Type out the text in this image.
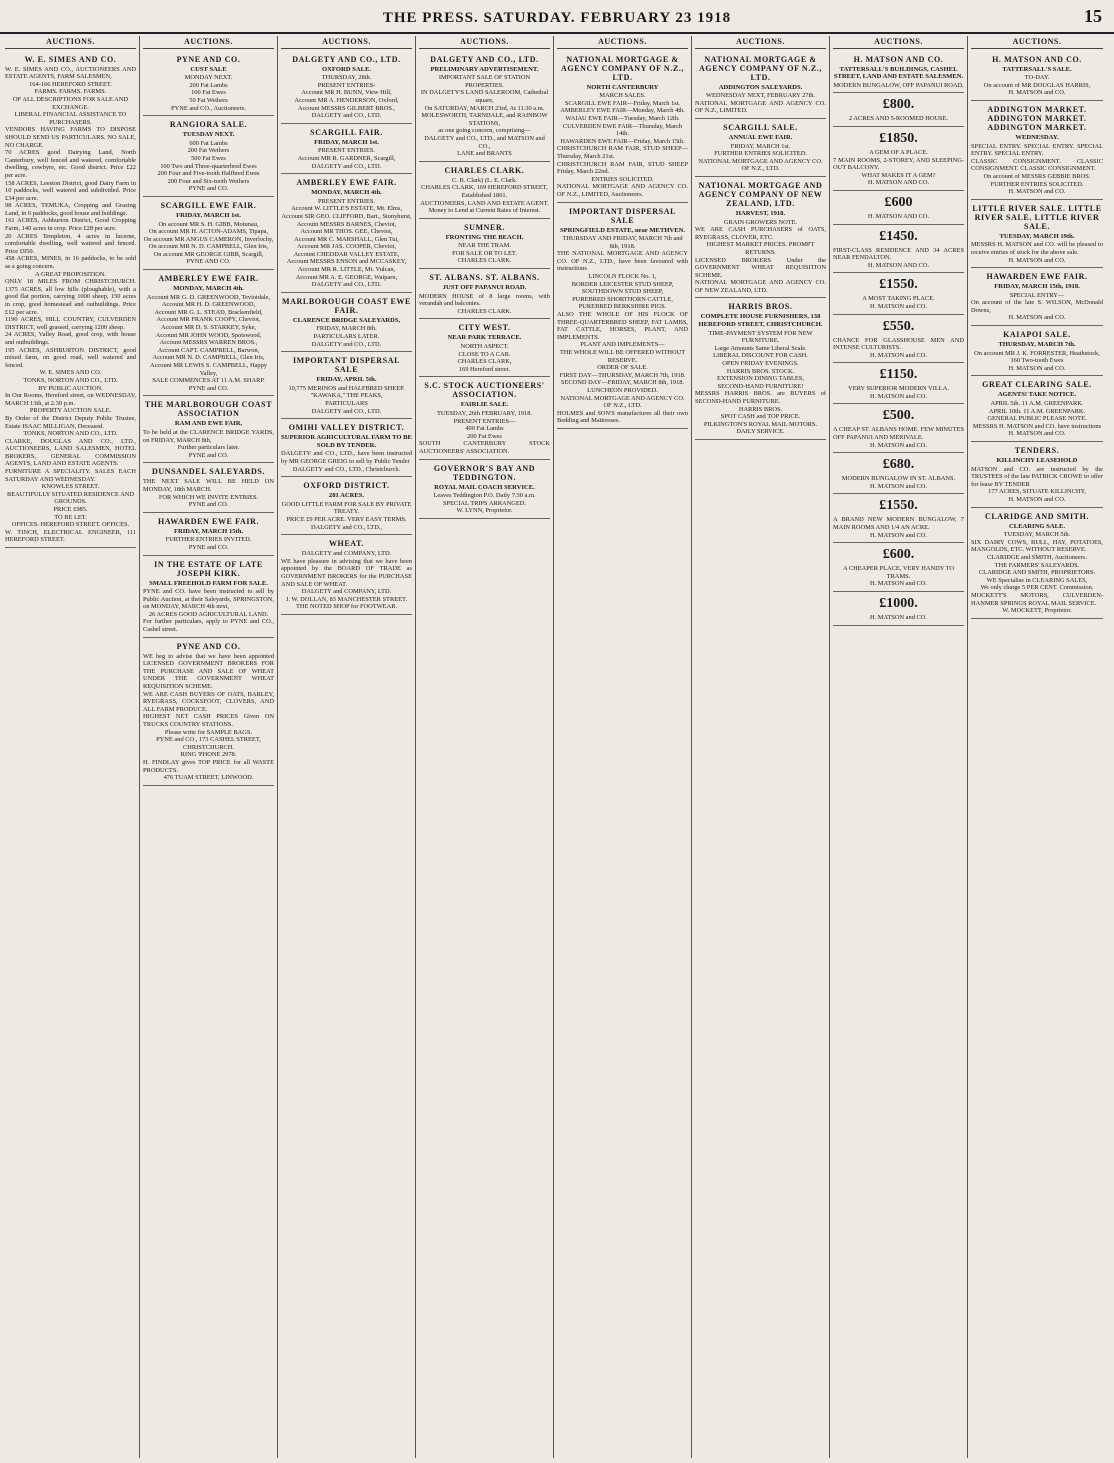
THE PRESS. SATURDAY. FEBRUARY 23 1918	15
AUCTIONS.
W. E. SIMES AND CO.

W. E. SIMES AND CO., AUCTIONEERS AND ESTATE AGENTS, FARM SALESMEN,

164-166 HEREFORD STREET.

FARMS. FARMS. FARMS.

OF ALL DESCRIPTIONS FOR SALE AND EXCHANGE.

LIBERAL FINANCIAL ASSISTANCE TO PURCHASERS.

VENDORS HAVING FARMS TO DISPOSE SHOULD SEND US PARTICULARS. NO SALE, NO CHARGE.

70 ACRES good Dairying Land, North Canterbury, well fenced and watered, comfortable dwelling, cowbyre, etc. Good district. Price £22 per acre.

158 ACRES, Leeston District, good Dairy Farm in 10 paddocks, well watered and subdivided. Price £34 per acre.

98 ACRES, TEMUKA, Cropping and Grazing Land, in 6 paddocks, good house and buildings.

161 ACRES, Ashburton District, Good Cropping Farm, 140 acres in crop. Price £28 per acre.

20 ACRES Templeton, 4 acres in lucerne, comfortable dwelling, well watered and fenced. Price £950.

458 ACRES, MINES, in 16 paddocks, to be sold as a going concern.

A GREAT PROPOSITION.

ONLY 18 MILES FROM CHRISTCHURCH. 1375 ACRES, all low hills (ploughable), with a good flat portion, carrying 1000 sheep, 150 acres in crop, good homestead and outbuildings. Price £12 per acre.

1190 ACRES, HILL COUNTRY, CULVERDEN DISTRICT, well grassed, carrying 1200 sheep.

24 ACRES, Valley Road, good crop, with house and outbuildings.

195 ACRES, ASHBURTON DISTRICT, good mixed farm, on good road, well watered and fenced.

W. E. SIMES AND CO.

TONKS, NORTON AND CO., LTD.

BY PUBLIC AUCTION.

In Our Rooms, Hereford street, on WEDNESDAY, MARCH 13th, at 2.30 p.m.

PROPERTY AUCTION SALE.

By Order of the District Deputy Public Trustee, Estate ISAAC MILLIGAN, Deceased.

TONKS, NORTON AND CO., LTD.

CLARKE, DOUGLAS AND CO., LTD., AUCTIONEERS, LAND SALESMEN, HOTEL BROKERS, GENERAL COMMISSION AGENTS, LAND AND ESTATE AGENTS.

FURNITURE A SPECIALITY. SALES EACH SATURDAY AND WEDNESDAY.

KNOWLES STREET.

BEAUTIFULLY SITUATED RESIDENCE AND GROUNDS.

PRICE £985.

TO BE LET.

OFFICES. HEREFORD STREET. OFFICES.

W. TINCH, ELECTRICAL ENGINEER, 111 HEREFORD STREET.

AUCTIONS.
PYNE AND CO.
CUST SALE

MONDAY NEXT.

200 Fat Lambs

100 Fat Ewes

50 Fat Wethers

PYNE and CO., Auctioneers.

RANGIORA SALE.
TUESDAY NEXT.

600 Fat Lambs

200 Fat Wethers

500 Fat Ewes

100 Two and Three-quarterbred Ewes

200 Four and Five-tooth Halfbred Ewes

200 Four and Six-tooth Wethers

PYNE and CO.

SCARGILL EWE FAIR.
FRIDAY, MARCH 1st.

On account MR S. H. GIBB, Motunau,

On account MR H. ACTON-ADAMS, Tipapa,

On account MR ANGUS CAMERON, Inverlochy,

On account MR N. D. CAMPBELL, Glen Iris,

On account MR GEORGE GIBB, Scargill,

PYNE AND CO.

AMBERLEY EWE FAIR.
MONDAY, MARCH 4th.

Account MR G. D. GREENWOOD, Teviotdale,

Account MR H. D. GREENWOOD,

Account MR G. L. STEAD, Brackenfield,

Account MR FRANK COOPY, Cheviot,

Account MR D. S. STARKEY, Syke,

Account MR JOHN WOOD, Spotswood,

Account MESSRS WARREN BROS.,

Account CAPT. CAMPBELL, Barwon,

Account MR N. D. CAMPBELL, Glen Iris,

Account MR LEWIS S. CAMPBELL, Happy Valley,

SALE COMMENCES AT 11 A.M. SHARP.

PYNE and CO.

THE MARLBOROUGH COAST ASSOCIATION
RAM AND EWE FAIR,

To be held at the CLARENCE BRIDGE YARDS, on FRIDAY, MARCH 8th,

Further particulars later.

PYNE and CO.

DUNSANDEL SALEYARDS.

THE NEXT SALE WILL BE HELD ON MONDAY, 18th MARCH.

FOR WHICH WE INVITE ENTRIES.

PYNE and CO.

HAWARDEN EWE FAIR.
FRIDAY, MARCH 15th.

FURTHER ENTRIES INVITED.

PYNE and CO.

IN THE ESTATE OF LATE JOSEPH KIRK.
SMALL FREEHOLD FARM FOR SALE.

PYNE and CO. have been instructed to sell by Public Auction, at their Saleyards, SPRINGSTON, on MONDAY, MARCH 4th next,

26 ACRES GOOD AGRICULTURAL LAND.

For further particulars, apply to PYNE and CO., Cashel street.

PYNE AND CO.

WE beg to advise that we have been appointed LICENSED GOVERNMENT BROKERS FOR THE PURCHASE AND SALE OF WHEAT UNDER THE GOVERNMENT WHEAT REQUISITION SCHEME.

WE ARE CASH BUYERS OF OATS, BARLEY, RYEGRASS, COCKSFOOT, CLOVERS, AND ALL FARM PRODUCE.

HIGHEST NET CASH PRICES Given ON TRUCKS COUNTRY STATIONS.

Please write for SAMPLE BAGS.

PYNE and CO., 173 CASHEL STREET, CHRISTCHURCH.

RING 'PHONE 2978.

H. FINDLAY gives TOP PRICE for all WASTE PRODUCTS.

476 TUAM STREET, LINWOOD.

AUCTIONS.
DALGETY AND CO., LTD.
OXFORD SALE.

THURSDAY, 28th.

PRESENT ENTRIES-

Account MR H. BUNN, View Hill,

Account MR A. HENDERSON, Oxford,

Account MESSRS GILBERT BROS.,

DALGETY and CO., LTD.

SCARGILL FAIR.
FRIDAY, MARCH 1st.

PRESENT ENTRIES.

Account MR R. GARDNER, Scargill,

DALGETY and CO., LTD.

AMBERLEY EWE FAIR.
MONDAY, MARCH 4th.

PRESENT ENTRIES.

Account W. LITTLE'S ESTATE, Mt. Elms,

Account SIR GEO. CLIFFORD, Bart., Stonyhurst,

Account MESSRS BARNES, Cheviot,

Account MR THOS. GEE, Cheviot,

Account MR C. MARSHALL, Glen Tui,

Account MR JAS. COOPER, Cheviot,

Account CHEDDAR VALLEY ESTATE,

Account MESSRS ENSON and MCCASKEY,

Account MR R. LITTLE, Mt. Vulcan,

Account MR A. E. GEORGE, Waiparu,

DALGETY and CO., LTD.

MARLBOROUGH COAST EWE FAIR.
CLARENCE BRIDGE SALEYARDS,

FRIDAY, MARCH 8th.

PARTICULARS LATER.

DALGETY and CO., LTD.

IMPORTANT DISPERSAL SALE
FRIDAY, APRIL 5th.

10,775 MERINOS and HALFBRED SHEEP.

"KAWAKA," THE PEAKS,

PARTICULARS

DALGETY and CO., LTD.

OMIHI VALLEY DISTRICT.
SUPERIOR AGRICULTURAL FARM TO BE SOLD BY TENDER.

DALGETY and CO., LTD., have been instructed by MR GEORGE GREIG to sell by Public Tender

DALGETY and CO., LTD., Christchurch.

OXFORD DISTRICT.
281 ACRES.

GOOD LITTLE FARM FOR SALE BY PRIVATE TREATY.

PRICE £9 PER ACRE. VERY EASY TERMS.

DALGETY and CO., LTD.,

WHEAT.

DALGETY and COMPANY, LTD.

WE have pleasure in advising that we have been appointed by the BOARD OF TRADE as GOVERNMENT BROKERS for the PURCHASE AND SALE OF WHEAT.

DALGETY and COMPANY, LTD.

J. W. DOLLAN, 83 MANCHESTER STREET.

THE NOTED SHOP for FOOTWEAR.

AUCTIONS.
DALGETY AND CO., LTD.
PRELIMINARY ADVERTISEMENT.

IMPORTANT SALE OF STATION PROPERTIES.

IN DALGETY'S LAND SALEROOM, Cathedral square,

On SATURDAY, MARCH 23rd, At 11.30 a.m.

MOLESWORTH, TARNDALE, and RAINBOW STATIONS,

as one going concern, comprising—

DALGETY and CO., LTD., and MATSON and CO.,

LANE and BRANTS

CHARLES CLARK.

C. B. Clark) (L. E. Clark.

CHARLES CLARK, 169 HEREFORD STREET,

Established 1861.

AUCTIONEERS, LAND AND ESTATE AGENT.

Money to Lend at Current Rates of Interest.

SUMNER.
FRONTING THE BEACH.

NEAR THE TRAM.

FOR SALE OR TO LET.

CHARLES CLARK.

ST. ALBANS. ST. ALBANS.
JUST OFF PAPANUI ROAD.

MODERN HOUSE of 8 large rooms, with verandah and balconies.

CHARLES CLARK.

CITY WEST.
NEAR PARK TERRACE.

NORTH ASPECT.

CLOSE TO A CAR.

CHARLES CLARK,

169 Hereford street.

S.C. STOCK AUCTIONEERS' ASSOCIATION.
FAIRLIE SALE.

TUESDAY, 26th FEBRUARY, 1918.

PRESENT ENTRIES—

400 Fat Lambs

200 Fat Ewes

SOUTH CANTERBURY STOCK AUCTIONEERS' ASSOCIATION.

GOVERNOR'S BAY AND TEDDINGTON.
ROYAL MAIL COACH SERVICE.

Leaves Teddington P.O. Daily 7.30 a.m.

SPECIAL TRIPS ARRANGED.

W. LYNN, Proprietor.

AUCTIONS.
NATIONAL MORTGAGE & AGENCY COMPANY OF N.Z., LTD.
NORTH CANTERBURY

MARCH SALES.

SCARGILL EWE FAIR—Friday, March 1st.

AMBERLEY EWE FAIR—Monday, March 4th.

WAIAU EWE FAIR—Tuesday, March 12th.

CULVERDEN EWE FAIR—Thursday, March 14th.

HAWARDEN EWE FAIR—Friday, March 15th.

CHRISTCHURCH RAM FAIR, STUD SHEEP—Thursday, March 21st.

CHRISTCHURCH RAM FAIR, STUD SHEEP Friday, March 22nd.

ENTRIES SOLICITED.

NATIONAL MORTGAGE AND AGENCY CO. OF N.Z., LIMITED, Auctioneers.

IMPORTANT DISPERSAL SALE
SPRINGFIELD ESTATE, near METHVEN.

THURSDAY AND FRIDAY, MARCH 7th and 8th, 1918.

THE NATIONAL MORTGAGE AND AGENCY CO. OF N.Z., LTD., have been favoured with instructions

LINCOLN FLOCK No. 1,

BORDER LEICESTER STUD SHEEP,

SOUTHDOWN STUD SHEEP,

PUREBRED SHORTHORN CATTLE,

PUREBRED BERKSHIRE PIGS.

ALSO THE WHOLE OF HIS FLOCK OF THREE-QUARTERBRED SHEEP, FAT LAMBS, FAT CATTLE, HORSES, PLANT, AND IMPLEMENTS.

PLANT AND IMPLEMENTS—

THE WHOLE WILL BE OFFERED WITHOUT RESERVE.

ORDER OF SALE.

FIRST DAY—THURSDAY, MARCH 7th, 1918.

SECOND DAY—FRIDAY, MARCH 8th, 1918.

LUNCHEON PROVIDED.

NATIONAL MORTGAGE AND AGENCY CO. OF N.Z., LTD.

HOLMES and SON'S manufactures all their own Bedding and Mattresses.

AUCTIONS.
NATIONAL MORTGAGE & AGENCY COMPANY OF N.Z., LTD.
ADDINGTON SALEYARDS.

WEDNESDAY NEXT, FEBRUARY 27th.

NATIONAL MORTGAGE AND AGENCY CO. OF N.Z., LIMITED.

SCARGILL SALE.
ANNUAL EWE FAIR.

FRIDAY, MARCH 1st.

FURTHER ENTRIES SOLICITED.

NATIONAL MORTGAGE AND AGENCY CO. OF N.Z., LTD.

NATIONAL MORTGAGE AND AGENCY COMPANY OF NEW ZEALAND, LTD.
HARVEST, 1918.

GRAIN GROWERS NOTE.

WE ARE CASH PURCHASERS of OATS, RYEGRASS, CLOVER, ETC.

HIGHEST MARKET PRICES. PROMPT RETURNS.

LICENSED BROKERS Under the GOVERNMENT WHEAT REQUISITION SCHEME.

NATIONAL MORTGAGE AND AGENCY CO. OF NEW ZEALAND, LTD.

HARRIS BROS.
COMPLETE HOUSE FURNISHERS, 138 HEREFORD STREET, CHRISTCHURCH.

TIME-PAYMENT SYSTEM FOR NEW FURNITURE.

Large Amounts Same Liberal Scale.

LIBERAL DISCOUNT FOR CASH.

OPEN FRIDAY EVENINGS.

HARRIS BROS. STOCK.

EXTENSION DINING TABLES,

SECOND-HAND FURNITURE!

MESSRS HARRIS BROS. are BUYERS of SECOND-HAND FURNITURE.

HARRIS BROS.

SPOT CASH and TOP PRICE.

PILKINGTON'S ROYAL MAIL MOTORS.

DAILY SERVICE.

AUCTIONS.
H. MATSON AND CO.
TATTERSALL'S BUILDINGS, CASHEL STREET, LAND AND ESTATE SALESMEN.

MODERN BUNGALOW, OFF PAPANUI ROAD.

£800.

2 ACRES AND 5-ROOMED HOUSE.

£1850.

A GEM OF A PLACE.

7 MAIN ROOMS, 2-STOREY, AND SLEEPING-OUT BALCONY.

WHAT MAKES IT A GEM?

H. MATSON AND CO.

£600

H. MATSON AND CO.

£1450.

FIRST-CLASS RESIDENCE AND 34 ACRES NEAR FENDALTON.

H. MATSON AND CO.

£1550.

A MOST TAKING PLACE.

H. MATSON and CO.

£550.

CHANCE FOR GLASSHOUSE MEN AND INTENSE CULTURISTS.

H. MATSON and CO.

£1150.

VERY SUPERIOR MODERN VILLA.

H. MATSON and CO.

£500.

A CHEAP ST. ALBANS HOME. FEW MINUTES OFF PAPANUI AND MERIVALE.

H. MATSON and CO.

£680.

MODERN BUNGALOW IN ST. ALBANS.

H. MATSON and CO.

£1550.

A BRAND NEW MODERN BUNGALOW, 7 MAIN ROOMS AND 1/4 AN ACRE.

H. MATSON and CO.

£600.

A CHEAPER PLACE, VERY HANDY TO TRAMS.

H. MATSON and CO.

£1000.

H. MATSON and CO.

AUCTIONS.
H. MATSON AND CO.
TATTERSALL'S SALE.

TO-DAY.

On account of MR DOUGLAS HARRIS,

H. MATSON and CO.

ADDINGTON MARKET. ADDINGTON MARKET. ADDINGTON MARKET.
WEDNESDAY.

SPECIAL ENTRY. SPECIAL ENTRY. SPECIAL ENTRY. SPECIAL ENTRY.

CLASSIC CONSIGNMENT. CLASSIC CONSIGNMENT. CLASSIC CONSIGNMENT.

On account of MESSRS GEBBIE BROS.

FURTHER ENTRIES SOLICITED.

H. MATSON and CO.

LITTLE RIVER SALE. LITTLE RIVER SALE. LITTLE RIVER SALE.
TUESDAY, MARCH 19th.

MESSRS H. MATSON and CO. will be pleased to receive entries of stock for the above sale.

H. MATSON and CO.

HAWARDEN EWE FAIR.
FRIDAY, MARCH 15th, 1918.

SPECIAL ENTRY—

On account of the late S. WILSON, McDonald Downs,

H. MATSON and CO.

KAIAPOI SALE.
THURSDAY, MARCH 7th.

On account MR J. K. FORRESTER, Heathstock,

160 Two-tooth Ewes

H. MATSON and CO.

GREAT CLEARING SALE.
AGENTS! TAKE NOTICE.

APRIL 5th. 11 A.M. GREENPARK.

APRIL 10th. 11 A.M. GREENPARK.

GENERAL PUBLIC PLEASE NOTE.

MESSRS H. MATSON and CO. have instructions

H. MATSON and CO.

TENDERS.
KILLINCHY LEASEHOLD

MATSON and CO. are instructed by the TRUSTEES of the late PATRICK CROWE to offer for lease BY TENDER

177 ACRES, SITUATE KILLINCHY,

H. MATSON and CO.

CLARIDGE AND SMITH.
CLEARING SALE.

TUESDAY, MARCH 5th.

SIX DAIRY COWS, BULL, HAY, POTATOES, MANGOLDS, ETC. WITHOUT RESERVE.

CLARIDGE and SMITH, Auctioneers.

THE FARMERS' SALEYARDS.

CLARIDGE AND SMITH, PROPRIETORS.

WE Specialise in CLEARING SALES,

We only charge 5 PER CENT. Commission.

MOCKETT'S MOTORS, CULVERDEN-HANMER SPRINGS ROYAL MAIL SERVICE.

W. MOCKETT, Proprietor.
